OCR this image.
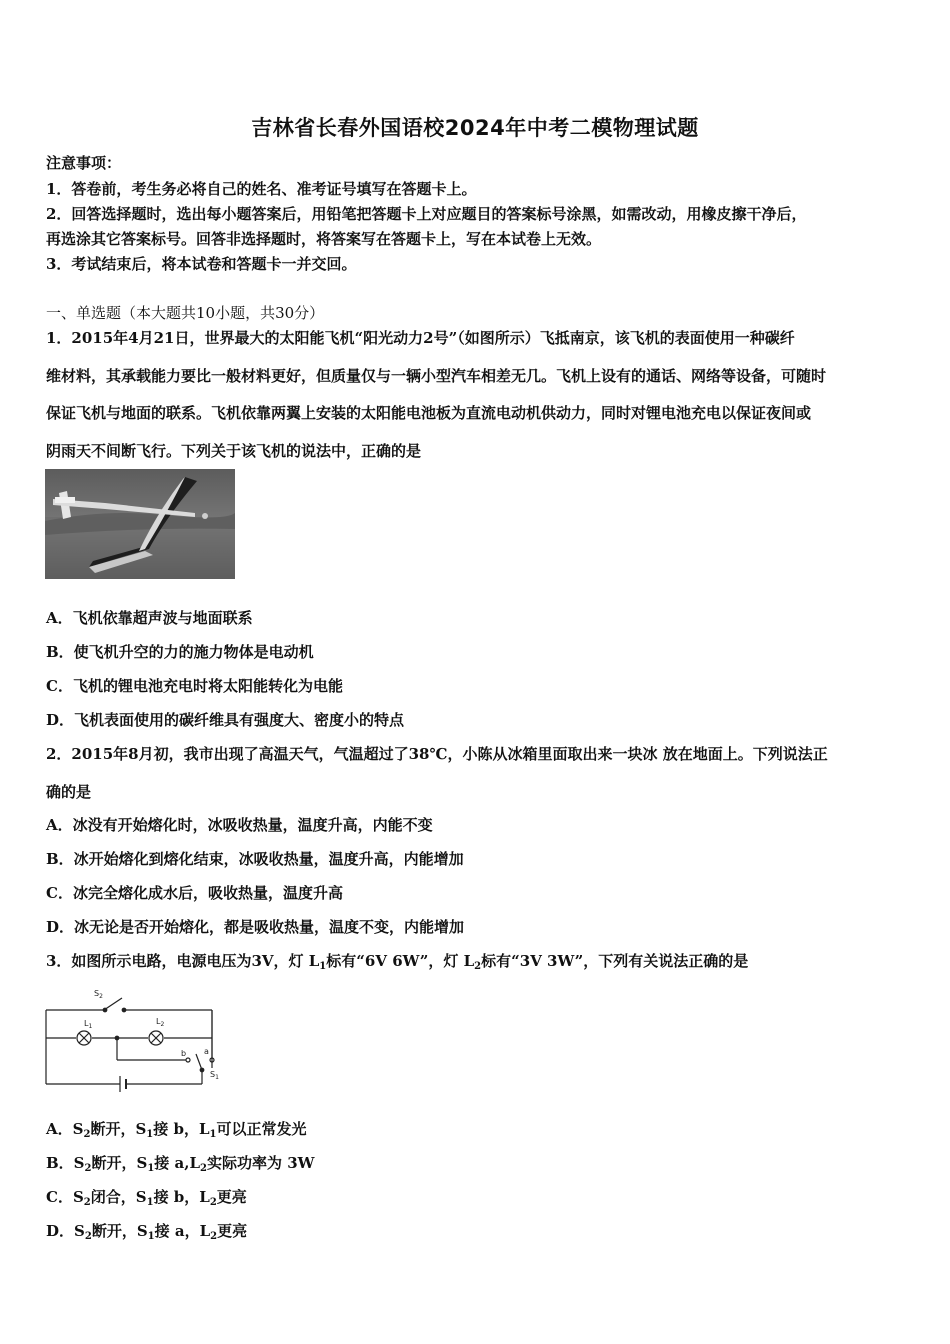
吉林省长春外国语校2024年中考二模物理试题
注意事项：
1．答卷前，考生务必将自己的姓名、准考证号填写在答题卡上。
2．回答选择题时，选出每小题答案后，用铅笔把答题卡上对应题目的答案标号涂黑，如需改动，用橡皮擦干净后，
再选涂其它答案标号。回答非选择题时，将答案写在答题卡上，写在本试卷上无效。
3．考试结束后，将本试卷和答题卡一并交回。
一、单选题（本大题共10小题，共30分）
1．2015年4月21日，世界最大的太阳能飞机“阳光动力2号”（如图所示）飞抵南京，该飞机的表面使用一种碳纤
维材料，其承载能力要比一般材料更好，但质量仅与一辆小型汽车相差无几。飞机上设有的通话、网络等设备，可随时
保证飞机与地面的联系。飞机依靠两翼上安装的太阳能电池板为直流电动机供动力，同时对锂电池充电以保证夜间或
阴雨天不间断飞行。下列关于该飞机的说法中，正确的是
A．飞机依靠超声波与地面联系
B．使飞机升空的力的施力物体是电动机
C．飞机的锂电池充电时将太阳能转化为电能
D．飞机表面使用的碳纤维具有强度大、密度小的特点
2．2015年8月初，我市出现了高温天气，气温超过了38℃，小陈从冰箱里面取出来一块冰 放在地面上。下列说法正
确的是
A．冰没有开始熔化时，冰吸收热量，温度升高，内能不变
B．冰开始熔化到熔化结束，冰吸收热量，温度升高，内能增加
C．冰完全熔化成水后，吸收热量，温度升高
D．冰无论是否开始熔化，都是吸收热量，温度不变，内能增加
3．如图所示电路，电源电压为3V，灯 $L_1$标有“6V 6W”，灯 $L_2$标有“3V 3W”，下列有关说法正确的是
$S_2$
$L_1$
$L_2$
b a
$S_1$
A．$S_2$断开，$S_1$接 b，$L_1$可以正常发光
B．$S_2$断开，$S_1$接 $a,L_2$实际功率为 3W
C．$S_2$闭合，$S_1$接 b，$L_2$更亮
D．$S_2$断开，$S_1$接 a，$L_2$更亮
